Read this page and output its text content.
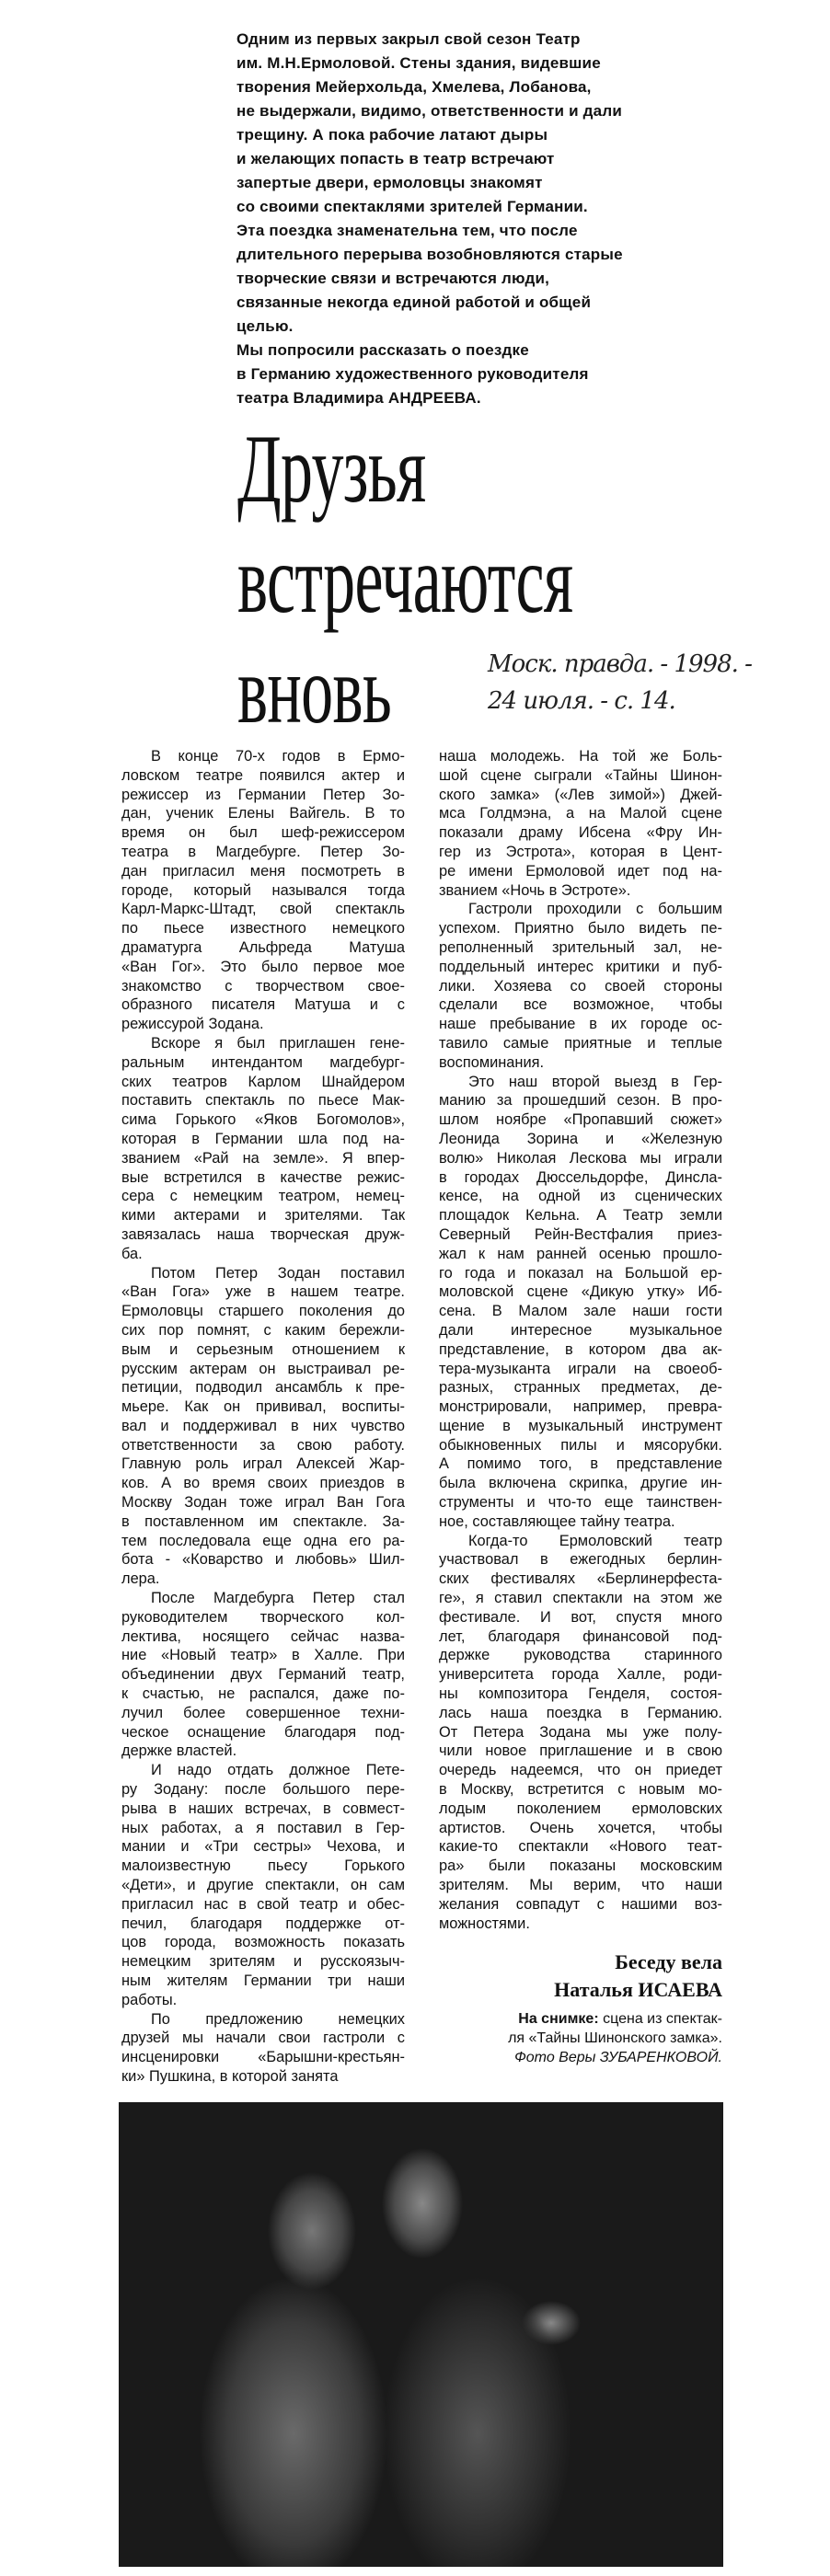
Одним из первых закрыл свой сезон Театр
им. М.Н.Ермоловой. Стены здания, видевшие
творения Мейерхольда, Хмелева, Лобанова,
не выдержали, видимо, ответственности и дали
трещину. А пока рабочие латают дыры
и желающих попасть в театр встречают
запертые двери, ермоловцы знакомят
со своими спектаклями зрителей Германии.
Эта поездка знаменательна тем, что после
длительного перерыва возобновляются старые
творческие связи и встречаются люди,
связанные некогда единой работой и общей
целью.
Мы попросили рассказать о поездке
в Германию художественного руководителя
театра Владимира АНДРЕЕВА.
Друзья
встречаются
вновь	Моск. правда. - 1998. -
24 июля. - с. 14.
В конце 70-х годов в Ермо-
ловском театре появился актер и
режиссер из Германии Петер Зо-
дан, ученик Елены Вайгель. В то
время он был шеф-режиссером
театра в Магдебурге. Петер Зо-
дан пригласил меня посмотреть в
городе, который назывался тогда
Карл-Маркс-Штадт, свой спектакль
по пьесе известного немецкого
драматурга Альфреда Матуша
«Ван Гог». Это было первое мое
знакомство с творчеством свое-
образного писателя Матуша и с
режиссурой Зодана.
Вскоре я был приглашен гене-
ральным интендантом магдебург-
ских театров Карлом Шнайдером
поставить спектакль по пьесе Мак-
сима Горького «Яков Богомолов»,
которая в Германии шла под на-
званием «Рай на земле». Я впер-
вые встретился в качестве режис-
сера с немецким театром, немец-
кими актерами и зрителями. Так
завязалась наша творческая друж-
ба.
Потом Петер Зодан поставил
«Ван Гога» уже в нашем театре.
Ермоловцы старшего поколения до
сих пор помнят, с каким бережли-
вым и серьезным отношением к
русским актерам он выстраивал ре-
петиции, подводил ансамбль к пре-
мьере. Как он прививал, воспиты-
вал и поддерживал в них чувство
ответственности за свою работу.
Главную роль играл Алексей Жар-
ков. А во время своих приездов в
Москву Зодан тоже играл Ван Гога
в поставленном им спектакле. За-
тем последовала еще одна его ра-
бота - «Коварство и любовь» Шил-
лера.
После Магдебурга Петер стал
руководителем творческого кол-
лектива, носящего сейчас назва-
ние «Новый театр» в Халле. При
объединении двух Германий театр,
к счастью, не распался, даже по-
лучил более совершенное техни-
ческое оснащение благодаря под-
держке властей.
И надо отдать должное Пете-
ру Зодану: после большого пере-
рыва в наших встречах, в совмест-
ных работах, а я поставил в Гер-
мании и «Три сестры» Чехова, и
малоизвестную пьесу Горького
«Дети», и другие спектакли, он сам
пригласил нас в свой театр и обес-
печил, благодаря поддержке от-
цов города, возможность показать
немецким зрителям и русскоязыч-
ным жителям Германии три наши
работы.
По предложению немецких
друзей мы начали свои гастроли с
инсценировки «Барышни-крестьян-
ки» Пушкина, в которой занята
наша молодежь. На той же Боль-
шой сцене сыграли «Тайны Шинон-
ского замка» («Лев зимой») Джей-
мса Голдмэна, а на Малой сцене
показали драму Ибсена «Фру Ин-
гер из Эстрота», которая в Цент-
ре имени Ермоловой идет под на-
званием «Ночь в Эстроте».
Гастроли проходили с большим
успехом. Приятно было видеть пе-
реполненный зрительный зал, не-
поддельный интерес критики и пуб-
лики. Хозяева со своей стороны
сделали все возможное, чтобы
наше пребывание в их городе ос-
тавило самые приятные и теплые
воспоминания.
Это наш второй выезд в Гер-
манию за прошедший сезон. В про-
шлом ноябре «Пропавший сюжет»
Леонида Зорина и «Железную
волю» Николая Лескова мы играли
в городах Дюссельдорфе, Динсла-
кенсе, на одной из сценических
площадок Кельна. А Театр земли
Северный Рейн-Вестфалия приез-
жал к нам ранней осенью прошло-
го года и показал на Большой ер-
моловской сцене «Дикую утку» Иб-
сена. В Малом зале наши гости
дали интересное музыкальное
представление, в котором два ак-
тера-музыканта играли на своеоб-
разных, странных предметах, де-
монстрировали, например, превра-
щение в музыкальный инструмент
обыкновенных пилы и мясорубки.
А помимо того, в представление
была включена скрипка, другие ин-
струменты и что-то еще таинствен-
ное, составляющее тайну театра.
Когда-то Ермоловский театр
участвовал в ежегодных берлин-
ских фестивалях «Берлинерфеста-
ге», я ставил спектакли на этом же
фестивале. И вот, спустя много
лет, благодаря финансовой под-
держке руководства старинного
университета города Халле, роди-
ны композитора Генделя, состоя-
лась наша поездка в Германию.
От Петера Зодана мы уже полу-
чили новое приглашение и в свою
очередь надеемся, что он приедет
в Москву, встретится с новым мо-
лодым поколением ермоловских
артистов. Очень хочется, чтобы
какие-то спектакли «Нового теат-
ра» были показаны московским
зрителям. Мы верим, что наши
желания совпадут с нашими воз-
можностями.
Беседу вела
Наталья ИСАЕВА
На снимке: сцена из спектак-
ля «Тайны Шинонского замка».
Фото Веры ЗУБАРЕНКОВОЙ.
